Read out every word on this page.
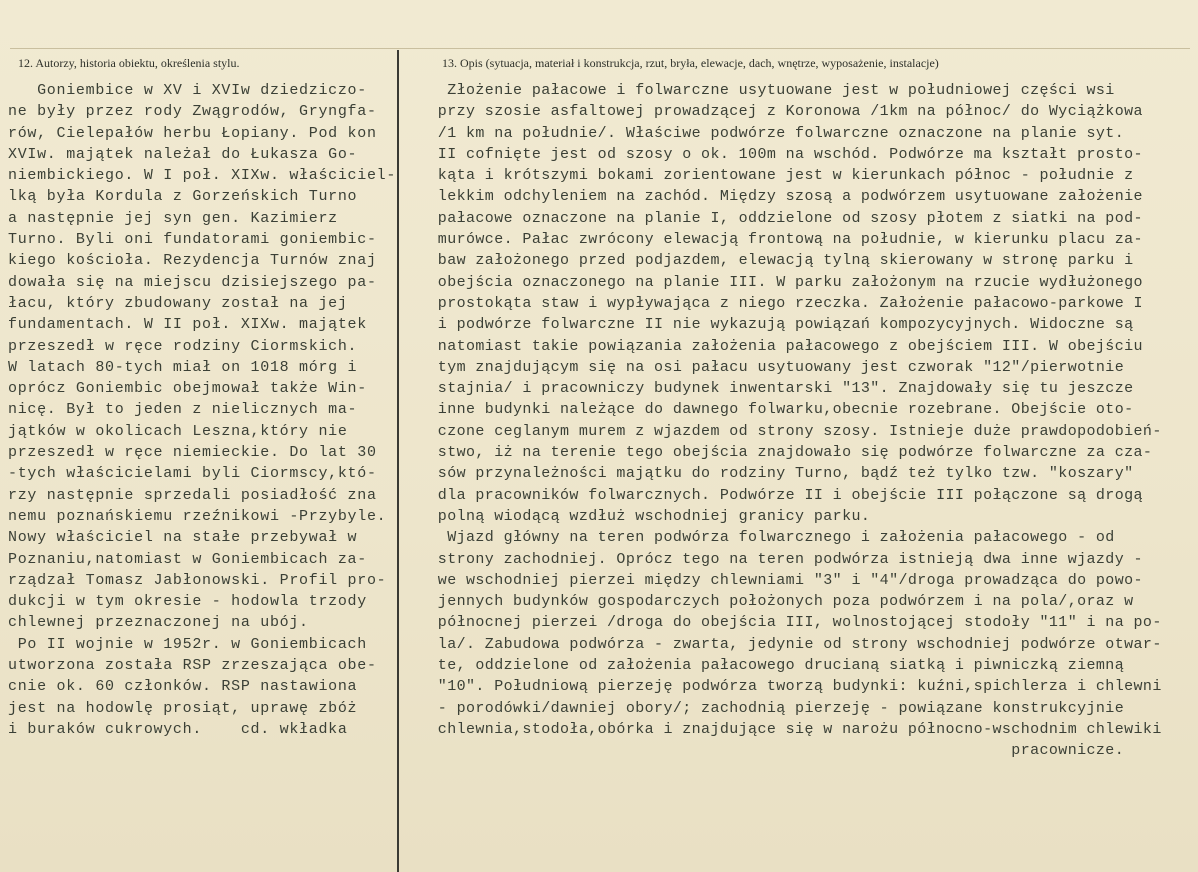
12. Autorzy, historia obiektu, określenia stylu.	13. Opis (sytuacja, materiał i konstrukcja, rzut, bryła, elewacje, dach, wnętrze, wyposażenie, instalacje)
Goniembice w XV i XVIw dziedziczo-
ne były przez rody Zwągrodów, Gryngfa-
rów, Cielepałów herbu Łopiany. Pod kon
XVIw. majątek należał do Łukasza Go-
niembickiego. W I poł. XIXw. właściciel-
lką była Kordula z Gorzeńskich Turno
a następnie jej syn gen. Kazimierz
Turno. Byli oni fundatorami goniembic-
kiego kościoła. Rezydencja Turnów znaj
dowała się na miejscu dzisiejszego pa-
łacu, który zbudowany został na jej
fundamentach. W II poł. XIXw. majątek
przeszedł w ręce rodziny Ciormskich.
W latach 80-tych miał on 1018 mórg i
oprócz Goniembic obejmował także Win-
nicę. Był to jeden z nielicznych ma-
jątków w okolicach Leszna,który nie
przeszedł w ręce niemieckie. Do lat 30
-tych właścicielami byli Ciormscy,któ-
rzy następnie sprzedali posiadłość zna
nemu poznańskiemu rzeźnikowi -Przybyle.
Nowy właściciel na stałe przebywał w
Poznaniu,natomiast w Goniembicach za-
rządzał Tomasz Jabłonowski. Profil pro-
dukcji w tym okresie - hodowla trzody
chlewnej przeznaczonej na ubój.
Po II wojnie w 1952r. w Goniembicach
utworzona została RSP zrzeszająca obe-
cnie ok. 60 członków. RSP nastawiona
jest na hodowlę prosiąt, uprawę zbóż
i buraków cukrowych.    cd. wkładka
Złożenie pałacowe i folwarczne usytuowane jest w południowej części wsi
przy szosie asfaltowej prowadzącej z Koronowa /1km na północ/ do Wyciążkowa
/1 km na południe/. Właściwe podwórze folwarczne oznaczone na planie syt.
II cofnięte jest od szosy o ok. 100m na wschód. Podwórze ma kształt prosto-
kąta i krótszymi bokami zorientowane jest w kierunkach północ - południe z
lekkim odchyleniem na zachód. Między szosą a podwórzem usytuowane założenie
pałacowe oznaczone na planie I, oddzielone od szosy płotem z siatki na pod-
murówce. Pałac zwrócony elewacją frontową na południe, w kierunku placu za-
baw założonego przed podjazdem, elewacją tylną skierowany w stronę parku i
obejścia oznaczonego na planie III. W parku założonym na rzucie wydłużonego
prostokąta staw i wypływająca z niego rzeczka. Założenie pałacowo-parkowe I
i podwórze folwarczne II nie wykazują powiązań kompozycyjnych. Widoczne są
natomiast takie powiązania założenia pałacowego z obejściem III. W obejściu
tym znajdującym się na osi pałacu usytuowany jest czworak "12"/pierwotnie
stajnia/ i pracowniczy budynek inwentarski "13". Znajdowały się tu jeszcze
inne budynki należące do dawnego folwarku,obecnie rozebrane. Obejście oto-
czone ceglanym murem z wjazdem od strony szosy. Istnieje duże prawdopodobień-
stwo, iż na terenie tego obejścia znajdowało się podwórze folwarczne za cza-
sów przynależności majątku do rodziny Turno, bądź też tylko tzw. "koszary"
dla pracowników folwarcznych. Podwórze II i obejście III połączone są drogą
polną wiodącą wzdłuż wschodniej granicy parku.
Wjazd główny na teren podwórza folwarcznego i założenia pałacowego - od
strony zachodniej. Oprócz tego na teren podwórza istnieją dwa inne wjazdy -
we wschodniej pierzei między chlewniami "3" i "4"/droga prowadząca do powo-
jennych budynków gospodarczych położonych poza podwórzem i na pola/,oraz w
północnej pierzei /droga do obejścia III, wolnostojącej stodoły "11" i na po-
la/. Zabudowa podwórza - zwarta, jedynie od strony wschodniej podwórze otwar-
te, oddzielone od założenia pałacowego drucianą siatką i piwniczką ziemną
"10". Południową pierzeję podwórza tworzą budynki: kuźni,spichlerza i chlewni
- porodówki/dawniej obory/; zachodnią pierzeję - powiązane konstrukcyjnie
chlewnia,stodoła,obórka i znajdujące się w narożu północno-wschodnim chlewiki
pracownicze.
